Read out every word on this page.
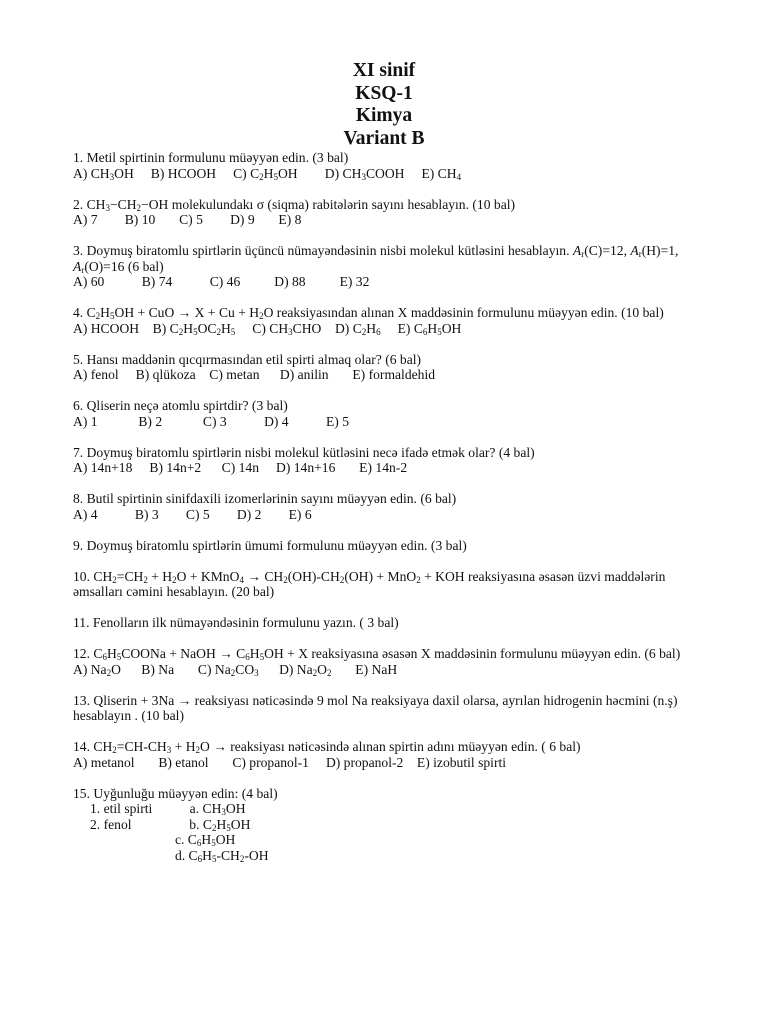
XI sinif
KSQ-1
Kimya
Variant B
1. Metil spirtinin formulunu müəyyən edin. (3 bal)
A) $CH_3OH$     B) HCOOH     C) $C_2H_5OH$        D) $CH_3COOH$     E) $CH_4$
2. $CH_3-CH_2-OH$ molekulundakı σ (siqma) rabitələrin sayını hesablayın. (10 bal)
A) 7        B) 10       C) 5        D) 9       E) 8
3. Doymuş biratomlu spirtlərin üçüncü nümayəndəsinin nisbi molekul kütləsini hesablayın. $A_r(C)=12$, $A_r(H)=1$, $A_r(O)=16$ (6 bal)
A) 60           B) 74           C) 46          D) 88          E) 32
4. $C_2H_5OH$ + CuO → $X + Cu + H_2O$ reaksiyasından alınan X maddəsinin formulunu müəyyən edin. (10 bal)
A) HCOOH    B) $C_2H_5OC_2H_5$     C) $CH_3CHO$    D) $C_2H_6$     E) $C_6H_5OH$
5. Hansı maddənin qıcqırmasından etil spirti almaq olar? (6 bal)
A) fenol     B) qlükoza    C) metan      D) anilin       E) formaldehid
6. Qliserin neçə atomlu spirtdir? (3 bal)
A) 1            B) 2            C) 3           D) 4           E) 5
7. Doymuş biratomlu spirtlərin nisbi molekul kütləsini necə ifadə etmək olar? (4 bal)
A) 14n+18     B) 14n+2      C) 14n     D) 14n+16       E) 14n-2
8. Butil spirtinin sinifdaxili izomerlərinin sayını müəyyən edin. (6 bal)
A) 4           B) 3        C) 5        D) 2        E) 6
9. Doymuş biratomlu spirtlərin ümumi formulunu müəyyən edin. (3 bal)
10. $CH_2=CH_2 + H_2O$ + KMnO$_4$ → $CH_2(OH)-CH_2(OH) + MnO_2$ + KOH reaksiyasına əsasən üzvi maddələrin əmsalları cəmini hesablayın. (20 bal)
11. Fenolların ilk nümayəndəsinin formulunu yazın. ( 3 bal)
12. $C_6H_5COONa$ + NaOH → $C_6H_5OH + X$ reaksiyasına əsasən X maddəsinin formulunu müəyyən edin. (6 bal)
A) $Na_2O$      B) Na       C) $Na_2CO_3$      D) $Na_2O_2$       E) NaH
13. Qliserin + 3Na → reaksiyası nəticəsində 9 mol Na reaksiyaya daxil olarsa, ayrılan hidrogenin həcmini (n.ş) hesablayın . (10 bal)
14. $CH_2=CH-CH_3 + H_2O$ → reaksiyası nəticəsində alınan spirtin adını müəyyən edin. ( 6 bal)
A) metanol       B) etanol       C) propanol-1     D) propanol-2    E) izobutil spirti
15. Uyğunluğu müəyyən edin: (4 bal)
1. etil spirti           a. $CH_3OH$
2. fenol                 b. $C_2H_5OH$
c. $C_6H_5OH$
d. $C_6H_5-CH_2-OH$
